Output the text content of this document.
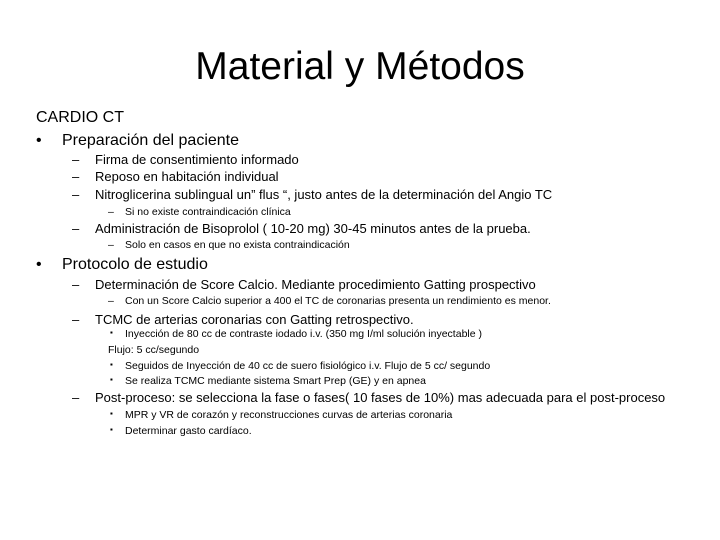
Material y Métodos
CARDIO CT
• Preparación del paciente
– Firma de consentimiento informado
– Reposo en habitación individual
– Nitroglicerina sublingual un” flus “, justo antes de la determinación del Angio TC
– Si no existe contraindicación clínica
– Administración de Bisoprolol ( 10-20 mg) 30-45 minutos antes de la prueba.
– Solo en casos en que no exista contraindicación
• Protocolo de estudio
– Determinación de Score Calcio. Mediante procedimiento Gatting prospectivo
– Con un Score Calcio superior a 400 el TC de coronarias presenta un rendimiento es menor.
– TCMC de arterias coronarias con Gatting retrospectivo.
▪ Inyección de 80 cc de contraste iodado i.v. (350 mg I/ml solución inyectable )
Flujo: 5 cc/segundo
▪ Seguidos de Inyección de 40 cc de suero fisiológico i.v. Flujo de 5 cc/ segundo
▪ Se realiza TCMC mediante sistema Smart Prep (GE) y en apnea
– Post-proceso: se selecciona la fase o fases( 10 fases de 10%) mas adecuada para el post-proceso
▪ MPR y VR de corazón y reconstrucciones curvas de arterias coronaria
▪ Determinar gasto cardíaco.
